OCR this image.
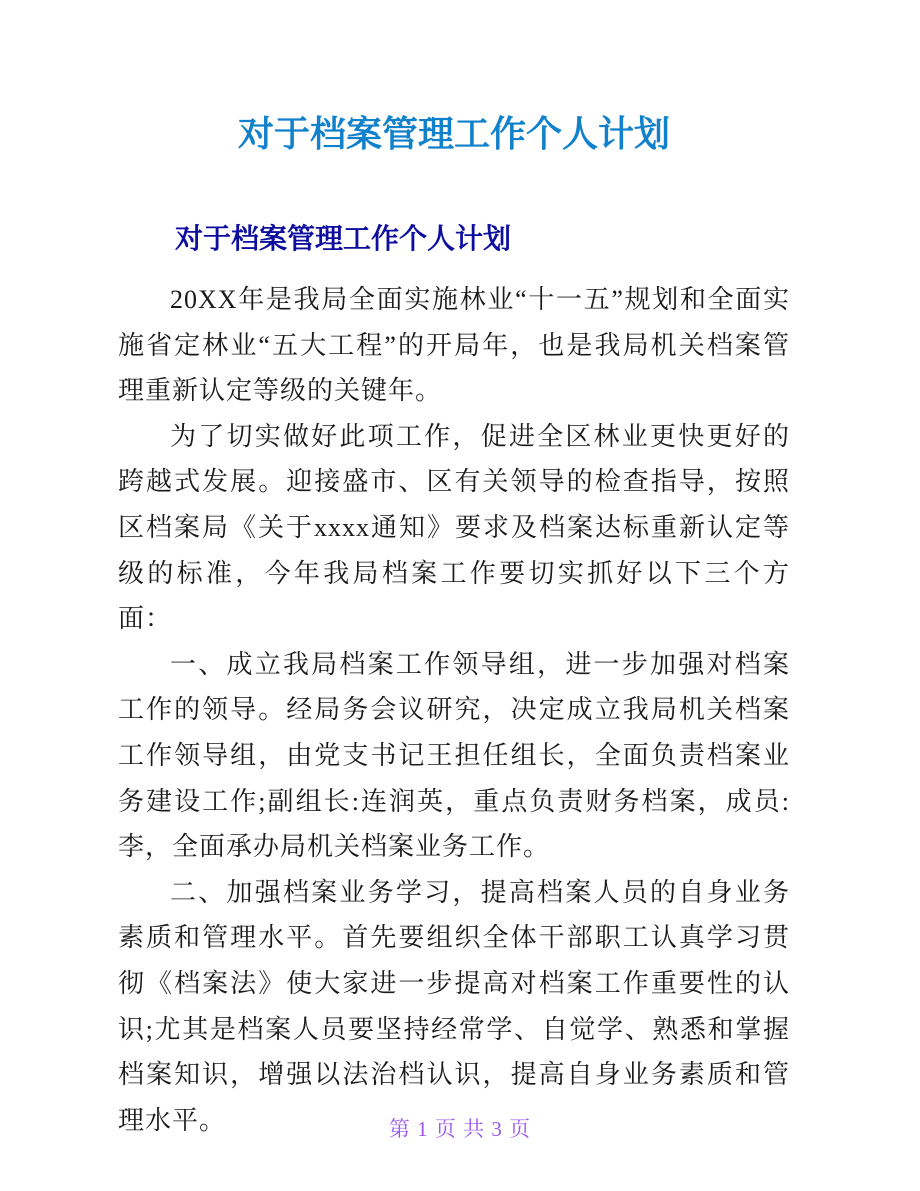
对于档案管理工作个人计划
对于档案管理工作个人计划

20XX年是我局全面实施林业“十一五”规划和全面实施省定林业“五大工程”的开局年，也是我局机关档案管理重新认定等级的关键年。

为了切实做好此项工作，促进全区林业更快更好的跨越式发展。迎接盛市、区有关领导的检查指导，按照区档案局《关于xxxx通知》要求及档案达标重新认定等级的标准，今年我局档案工作要切实抓好以下三个方面：

一、成立我局档案工作领导组，进一步加强对档案工作的领导。经局务会议研究，决定成立我局机关档案工作领导组，由党支书记王担任组长，全面负责档案业务建设工作;副组长:连润英，重点负责财务档案，成员:李，全面承办局机关档案业务工作。

二、加强档案业务学习，提高档案人员的自身业务素质和管理水平。首先要组织全体干部职工认真学习贯彻《档案法》使大家进一步提高对档案工作重要性的认识;尤其是档案人员要坚持经常学、自觉学、熟悉和掌握档案知识，增强以法治档认识，提高自身业务素质和管理水平。	第 1 页 共 3 页
